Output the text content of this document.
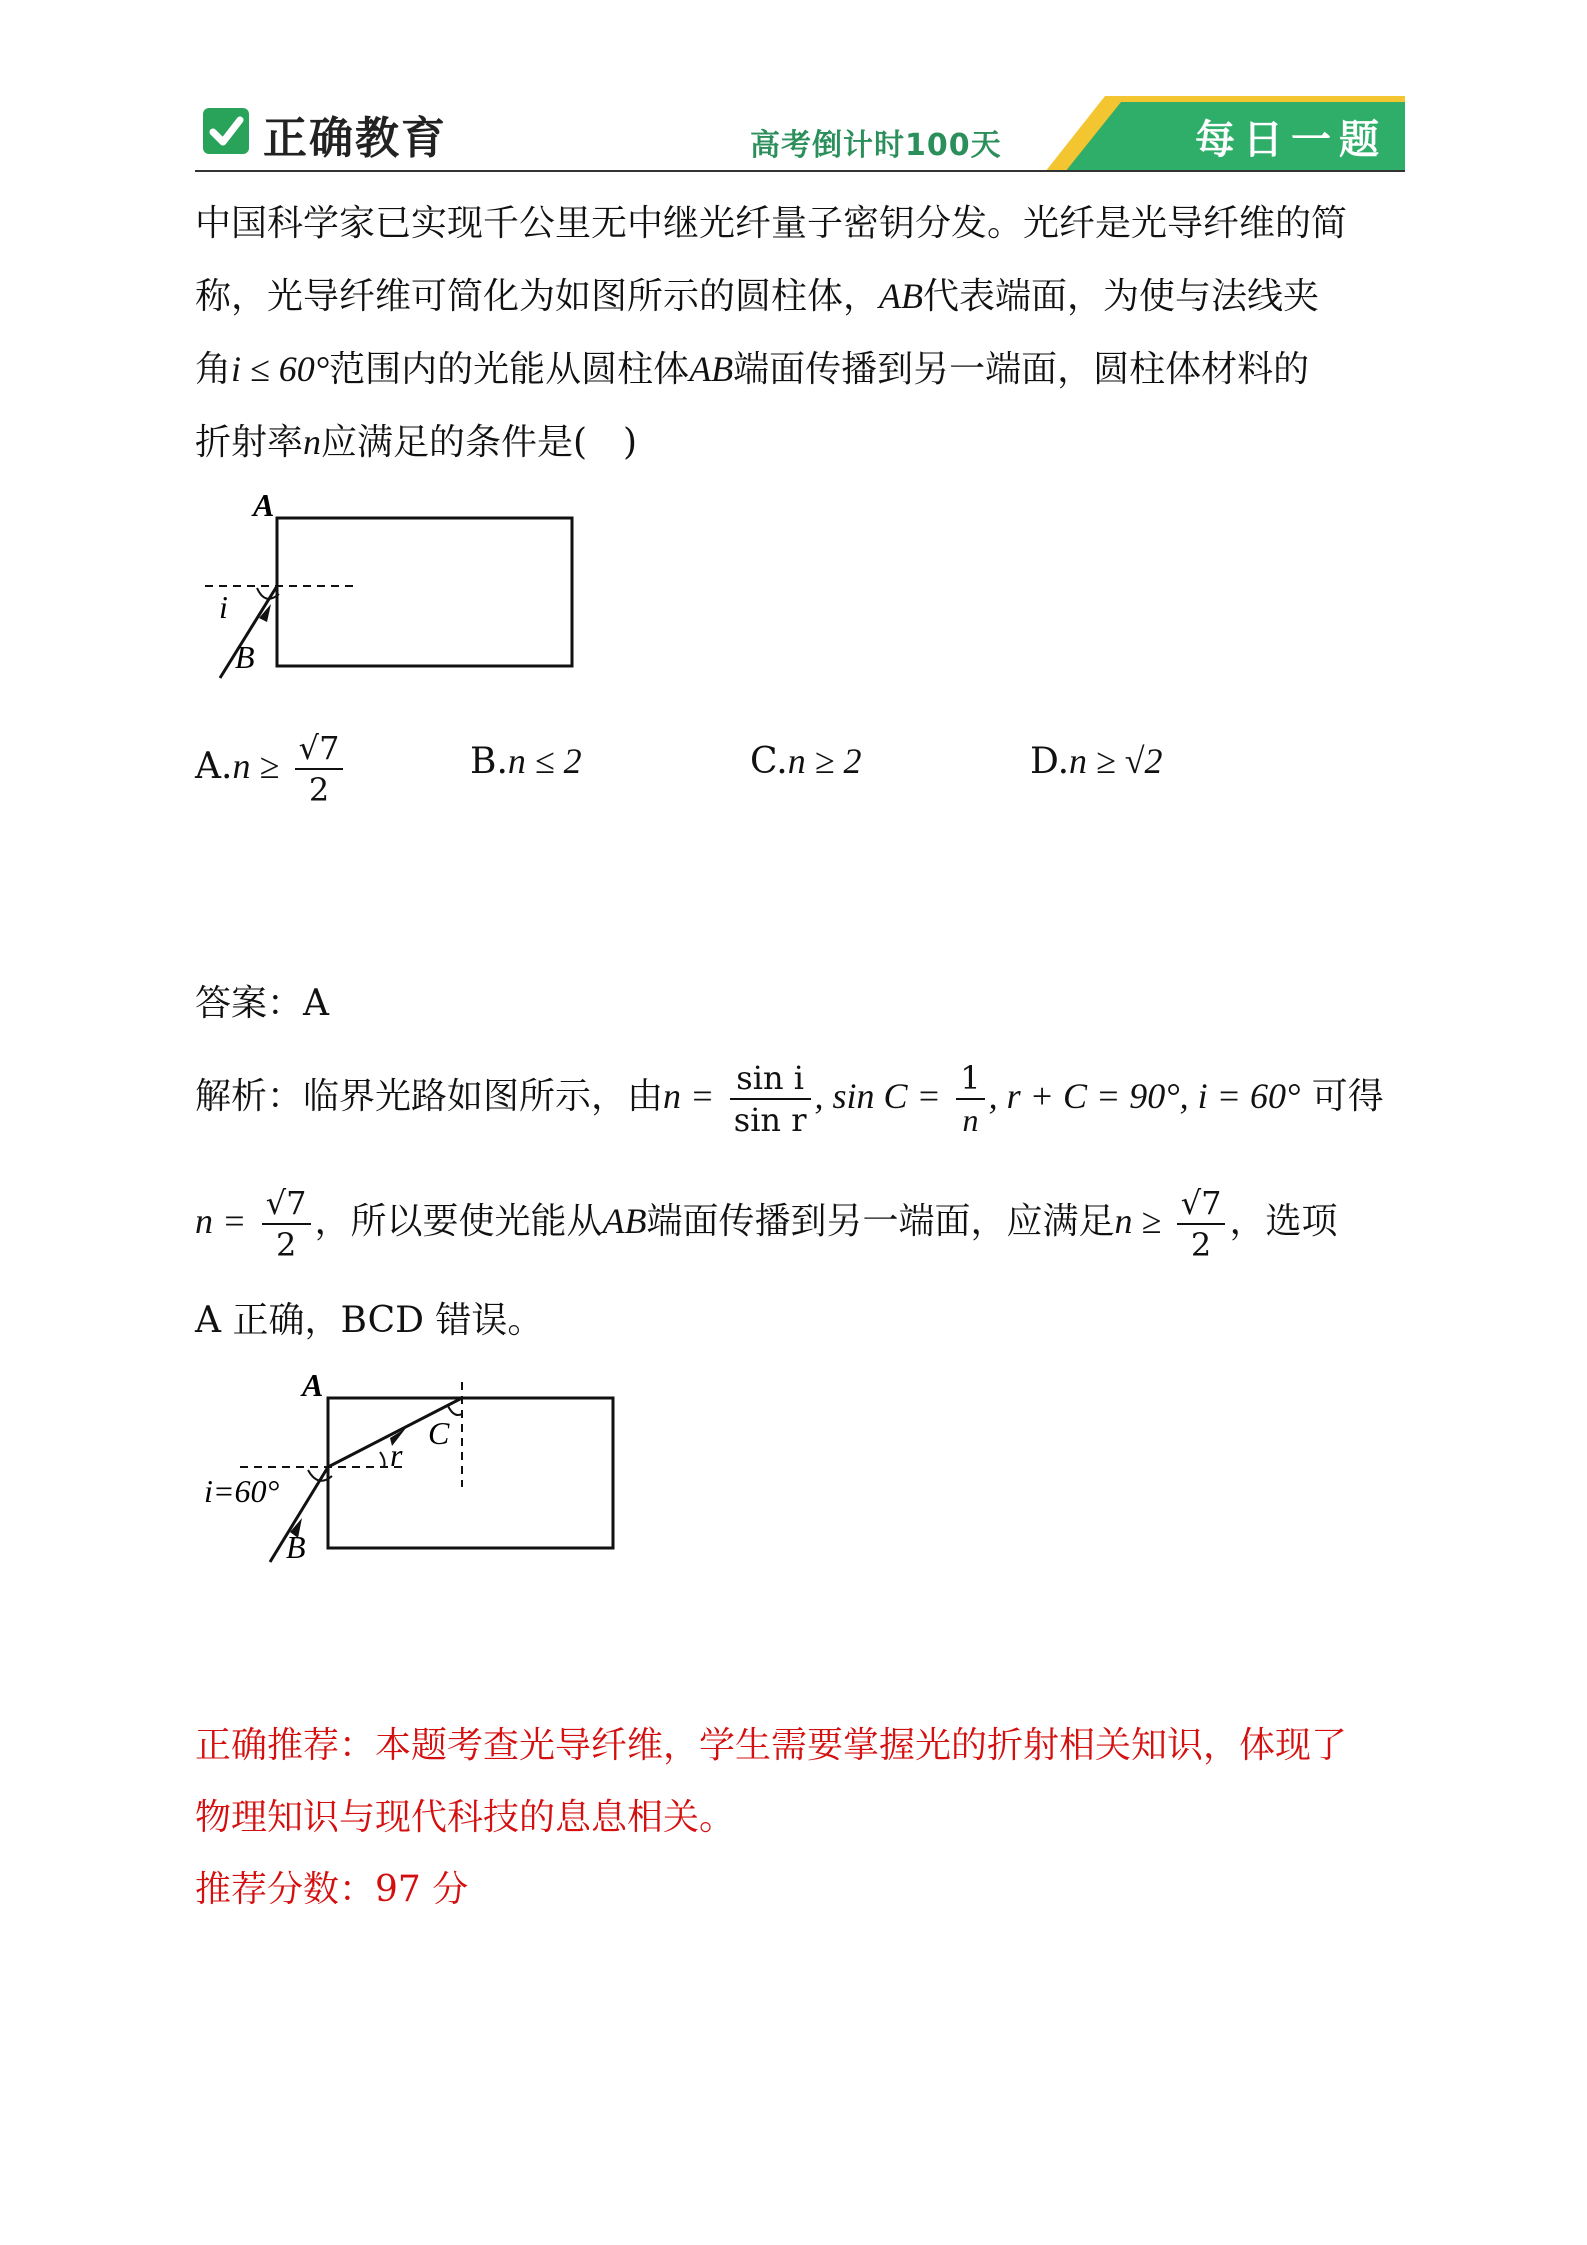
正确教育	高考倒计时100天	每日一题
中国科学家已实现千公里无中继光纤量子密钥分发。光纤是光导纤维的简
称，光导纤维可简化为如图所示的圆柱体，AB代表端面，为使与法线夹
角i ≤ 60°范围内的光能从圆柱体AB端面传播到另一端面，圆柱体材料的
折射率n应满足的条件是(　)
A
B
i
$A.n \ge \frac{√7}{2}$	B.n ≤ 2	C.n ≥ 2	D.n ≥ √2
答案：A
解析：临界光路如图所示，由$n = \frac{\text{sin i}}{\text{sin r}}$ , $\sin C = \frac{1}{n}$ , r + C = 90°, i = 60° 可得
$n = \frac{√7}{2}$ ，所以要使光能从AB端面传播到另一端面，应满足$n \ge \frac{√7}{2}$ ，选项
A 正确，BCD 错误。
A
B
i=60°
r
C
正确推荐：本题考查光导纤维，学生需要掌握光的折射相关知识，体现了
物理知识与现代科技的息息相关。
推荐分数：97 分
